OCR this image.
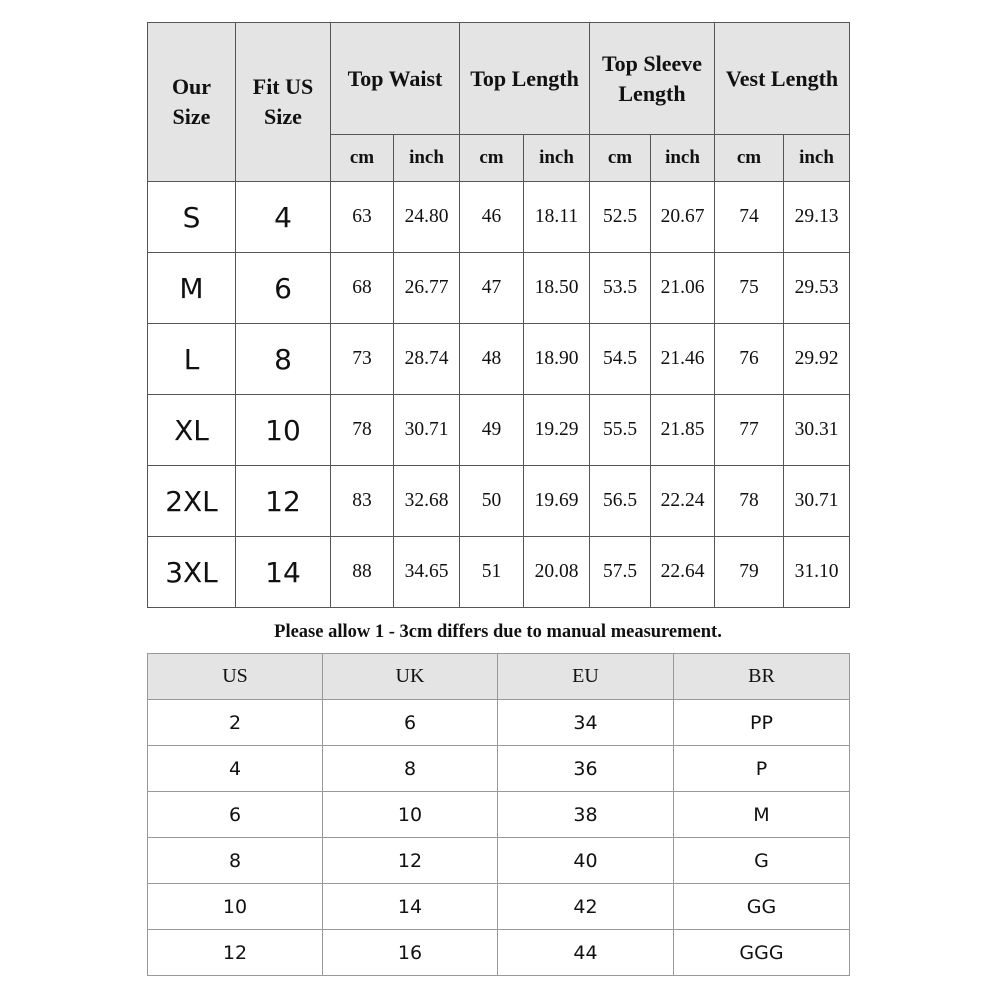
Our Size	Fit US Size	Top Waist		Top Length		Top Sleeve Length		Vest Length	
		cm	inch	cm	inch	cm	inch	cm	inch
S	4	63	24.80	46	18.11	52.5	20.67	74	29.13
M	6	68	26.77	47	18.50	53.5	21.06	75	29.53
L	8	73	28.74	48	18.90	54.5	21.46	76	29.92
XL	10	78	30.71	49	19.29	55.5	21.85	77	30.31
2XL	12	83	32.68	50	19.69	56.5	22.24	78	30.71
3XL	14	88	34.65	51	20.08	57.5	22.64	79	31.10
Please allow 1 - 3cm differs due to manual measurement.
US	UK	EU	BR
2	6	34	PP
4	8	36	P
6	10	38	M
8	12	40	G
10	14	42	GG
12	16	44	GGG
